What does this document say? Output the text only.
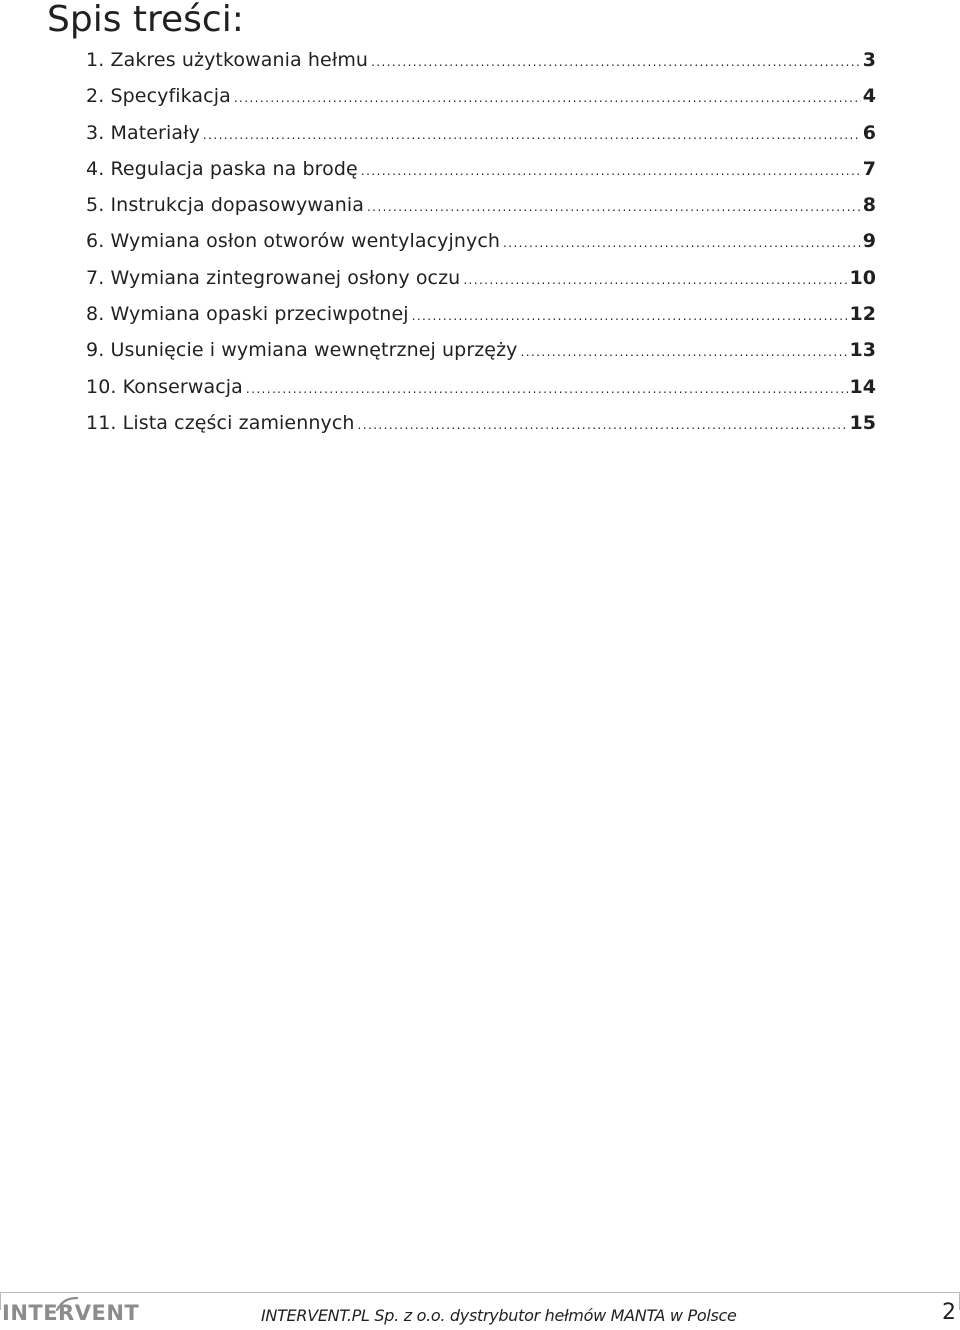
Spis treści:
1. Zakres użytkowania hełmu .....	3
2. Specyfikacja .....	4
3. Materiały .....	6
4. Regulacja paska na brodę .....	7
5. Instrukcja dopasowywania .....	8
6. Wymiana osłon otworów wentylacyjnych .....	9
7. Wymiana zintegrowanej osłony oczu .....	10
8. Wymiana opaski przeciwpotnej .....	12
9. Usunięcie i wymiana wewnętrznej uprzęży .....	13
10. Konserwacja .....	14
11. Lista części zamiennych .....	15
INTERVENT	INTERVENT.PL Sp. z o.o. dystrybutor hełmów MANTA w Polsce	2
